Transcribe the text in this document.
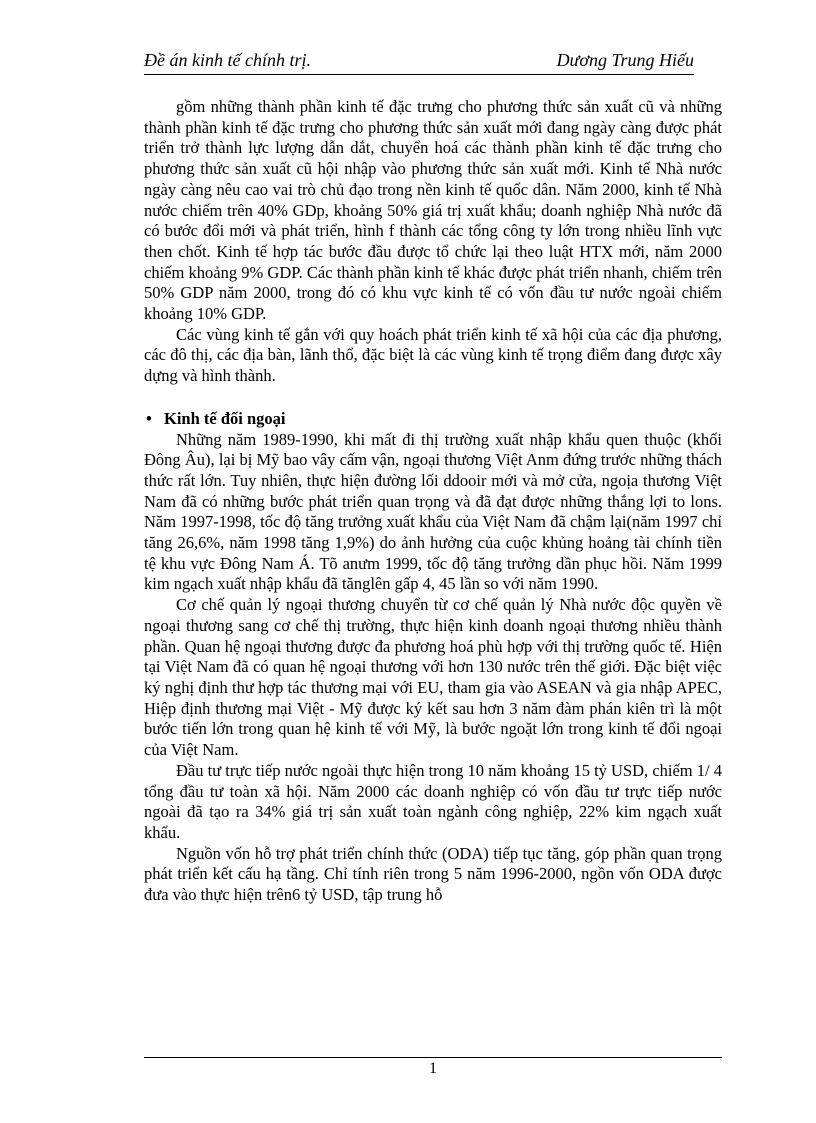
Đề án kinh tế chính trị.	Dương Trung Hiếu

gồm những thành phần kinh tế đặc trưng cho phương thức sản xuất cũ và những thành phần kinh tế đặc trưng cho phương thức sản xuất mới đang ngày càng được phát triển trở thành lực lượng dẫn dắt, chuyển hoá các thành phần kinh tế đặc trưng cho phương thức sản xuất cũ hội nhập vào phương thức sản xuất mới. Kinh tế Nhà nước ngày càng nêu cao vai trò chủ đạo trong nền kinh tế quốc dân. Năm 2000, kinh tế Nhà nước chiếm trên 40% GDp, khoảng 50% giá trị xuất khẩu; doanh nghiệp Nhà nước đã có bước đổi mới và phát triển, hình f thành các tổng công ty lớn trong nhiều lĩnh vực then chốt. Kinh tế hợp tác bước đầu được tổ chức lại theo luật HTX mới, năm 2000 chiếm khoảng 9% GDP. Các thành phần kinh tế khác được phát triển nhanh, chiếm trên 50% GDP năm 2000, trong đó có khu vực kinh tế có vốn đầu tư nước ngoài chiếm khoảng 10% GDP.

Các vùng kinh tế gắn với quy hoách phát triển kinh tế xã hội của các địa phương, các đô thị, các địa bàn, lãnh thổ, đặc biệt là các vùng kinh tế trọng điểm đang được xây dựng và hình thành.

• Kinh tế đối ngoại

Những năm 1989-1990, khi mất đi thị trường xuất nhập khẩu quen thuộc (khối Đông Âu), lại bị Mỹ bao vây cấm vận, ngoại thương Việt Anm đứng trước những thách thức rất lớn. Tuy nhiên, thực hiện đường lối ddooir mới và mở cửa, ngoịa thương Việt Nam đã có những bước phát triển quan trọng và đã đạt được những thắng lợi to lons. Năm 1997-1998, tốc độ tăng trưởng xuất khẩu của Việt Nam đã chậm lại(năm 1997 chỉ tăng 26,6%, năm 1998 tăng 1,9%) do ảnh hưởng của cuộc khủng hoảng tài chính tiền tệ khu vực Đông Nam Á. Tõ anưm 1999, tốc độ tăng trưởng dần phục hồi. Năm 1999 kim ngạch xuất nhập khẩu đã tănglên gấp 4, 45 lần so với năm 1990.

Cơ chế quản lý ngoại thương chuyển từ cơ chế quản lý Nhà nước độc quyền về ngoại thương sang cơ chế thị trường, thực hiện kinh doanh ngoại thương nhiều thành phần. Quan hệ ngoại thương được đa phương hoá phù hợp với thị trường quốc tế. Hiện tại Việt Nam đã có quan hệ ngoại thương với hơn 130 nước trên thế giới. Đặc biệt việc ký nghị định thư hợp tác thương mại với EU, tham gia vào ASEAN và gia nhập APEC, Hiệp định thương mại Việt - Mỹ được ký kết sau hơn 3 năm đàm phán kiên trì là một bước tiến lớn trong quan hệ kinh tế với Mỹ, là bước ngoặt lớn trong kinh tế đối ngoại của Việt Nam.

Đầu tư trực tiếp nước ngoài thực hiện trong 10 năm khoảng 15 tỷ USD, chiếm 1/ 4 tổng đầu tư toàn xã hội. Năm 2000 các doanh nghiệp có vốn đầu tư trực tiếp nước ngoài đã tạo ra 34% giá trị sản xuất toàn ngành công nghiệp, 22% kim ngạch xuất khẩu.

Nguồn vốn hỗ trợ phát triển chính thức (ODA) tiếp tục tăng, góp phần quan trọng phát triển kết cấu hạ tầng. Chỉ tính riên trong 5 năm 1996-2000, ngồn vốn ODA được đưa vào thực hiện trên6 tỷ USD, tập trung hỗ

1
